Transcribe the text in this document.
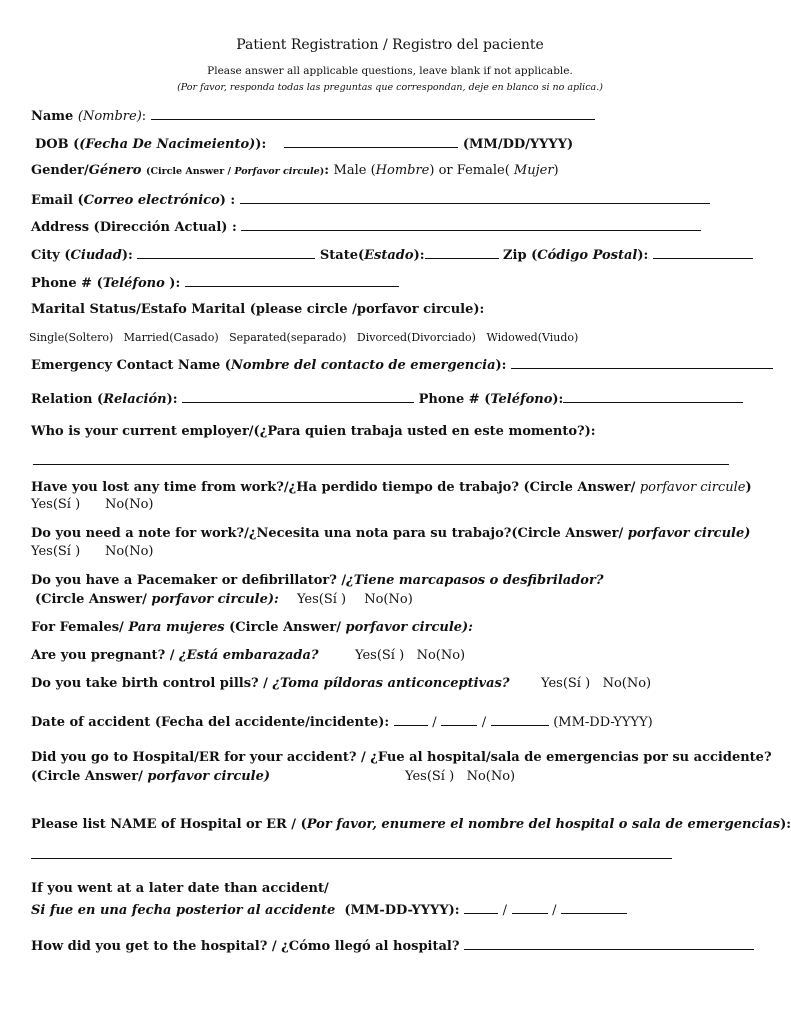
Patient Registration / Registro del paciente
Please answer all applicable questions, leave blank if not applicable.
(Por favor, responda todas las preguntas que correspondan, deje en blanco si no aplica.)
Name (Nombre):
DOB ((Fecha De Nacimeiento)):	(MM/DD/YYYY)
Gender/Género (Circle Answer / Porfavor circule): Male (Hombre) or Female( Mujer)
Email (Correo electrónico) :
Address (Dirección Actual) :
City (Ciudad):	State(Estado):	Zip (Código Postal):
Phone # (Teléfono ):
Marital Status/Estafo Marital (please circle /porfavor circule):
Single(Soltero) Married(Casado) Separated(separado) Divorced(Divorciado) Widowed(Viudo)
Emergency Contact Name (Nombre del contacto de emergencia):
Relation (Relación):	Phone # (Teléfono):
Who is your current employer/(¿Para quien trabaja usted en este momento?):
Have you lost any time from work?/¿Ha perdido tiempo de trabajo? (Circle Answer/ porfavor circule)
Yes(Sí ) No(No)
Do you need a note for work?/¿Necesita una nota para su trabajo?(Circle Answer/ porfavor circule)
Yes(Sí ) No(No)
Do you have a Pacemaker or defibrillator? /¿Tiene marcapasos o desfibrilador?
(Circle Answer/ porfavor circule): Yes(Sí ) No(No)
For Females/ Para mujeres (Circle Answer/ porfavor circule):
Are you pregnant? / ¿Está embarazada?	Yes(Sí ) No(No)
Do you take birth control pills? / ¿Toma píldoras anticonceptivas? Yes(Sí ) No(No)
Date of accident (Fecha del accidente/incidente):	/	/	(MM-DD-YYYY)
Did you go to Hospital/ER for your accident? / ¿Fue al hospital/sala de emergencias por su accidente?
(Circle Answer/ porfavor circule)	Yes(Sí ) No(No)
Please list NAME of Hospital or ER / (Por favor, enumere el nombre del hospital o sala de emergencias):
If you went at a later date than accident/
Si fue en una fecha posterior al accidente (MM-DD-YYYY):	/	/
How did you get to the hospital? / ¿Cómo llegó al hospital?
